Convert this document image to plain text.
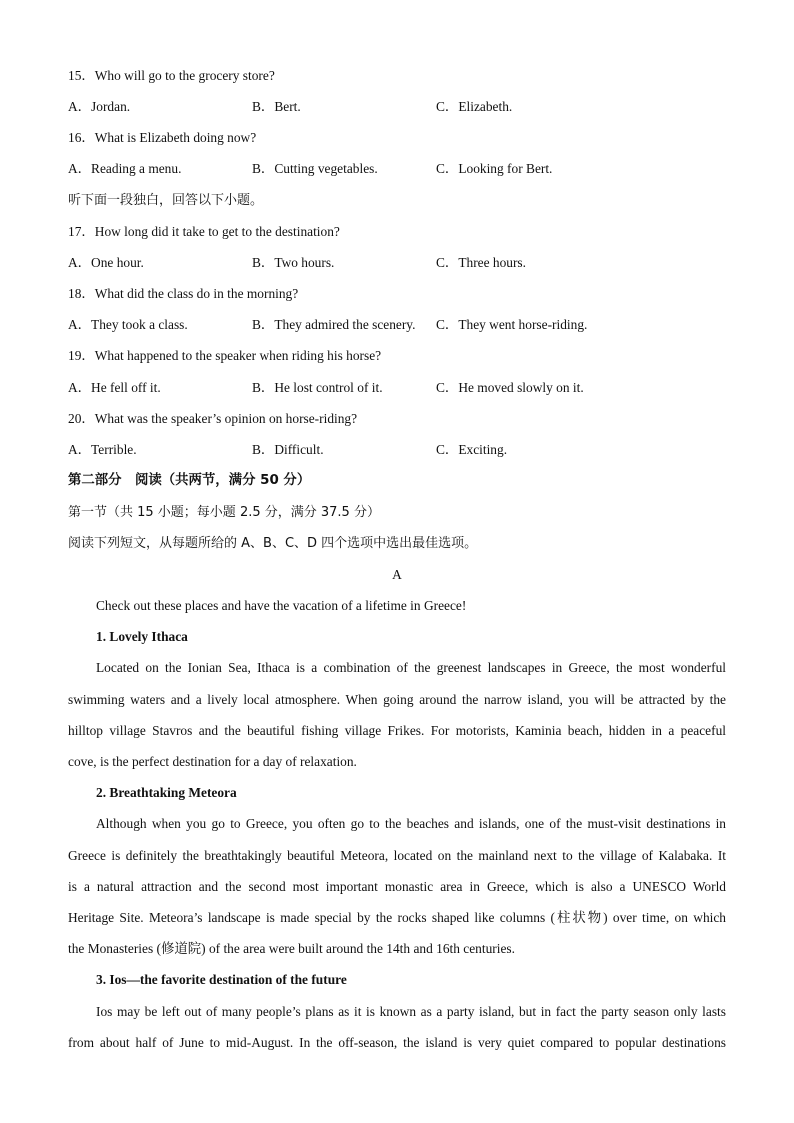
15．Who will go to the grocery store?
A．Jordan.	B．Bert.	C．Elizabeth.
16．What is Elizabeth doing now?
A．Reading a menu.	B．Cutting vegetables.	C．Looking for Bert.
听下面一段独白，回答以下小题。
17．How long did it take to get to the destination?
A．One hour.	B．Two hours.	C．Three hours.
18．What did the class do in the morning?
A．They took a class.	B．They admired the scenery. C．They went horse-riding.
19．What happened to the speaker when riding his horse?
A．He fell off it.	B．He lost control of it.	C．He moved slowly on it.
20．What was the speaker’s opinion on horse-riding?
A．Terrible.	B．Difficult.	C．Exciting.
第二部分　阅读（共两节，满分 50 分）
第一节（共 15 小题；每小题 2.5 分，满分 37.5 分）
阅读下列短文，从每题所给的 A、B、C、D 四个选项中选出最佳选项。
A
Check out these places and have the vacation of a lifetime in Greece!
1. Lovely Ithaca
Located on the Ionian Sea, Ithaca is a combination of the greenest landscapes in Greece, the most wonderful
swimming waters and a lively local atmosphere. When going around the narrow island, you will be attracted by the
hilltop village Stavros and the beautiful fishing village Frikes. For motorists, Kaminia beach, hidden in a peaceful
cove, is the perfect destination for a day of relaxation.
2. Breathtaking Meteora
Although when you go to Greece, you often go to the beaches and islands, one of the must-visit destinations in
Greece is definitely the breathtakingly beautiful Meteora, located on the mainland next to the village of Kalabaka. It
is a natural attraction and the second most important monastic area in Greece, which is also a UNESCO World
Heritage Site. Meteora’s landscape is made special by the rocks shaped like columns (柱状物) over time, on which
the Monasteries (修道院) of the area were built around the 14th and 16th centuries.
3. Ios—the favorite destination of the future
Ios may be left out of many people’s plans as it is known as a party island, but in fact the party season only lasts
from about half of June to mid-August. In the off-season, the island is very quiet compared to popular destinations
